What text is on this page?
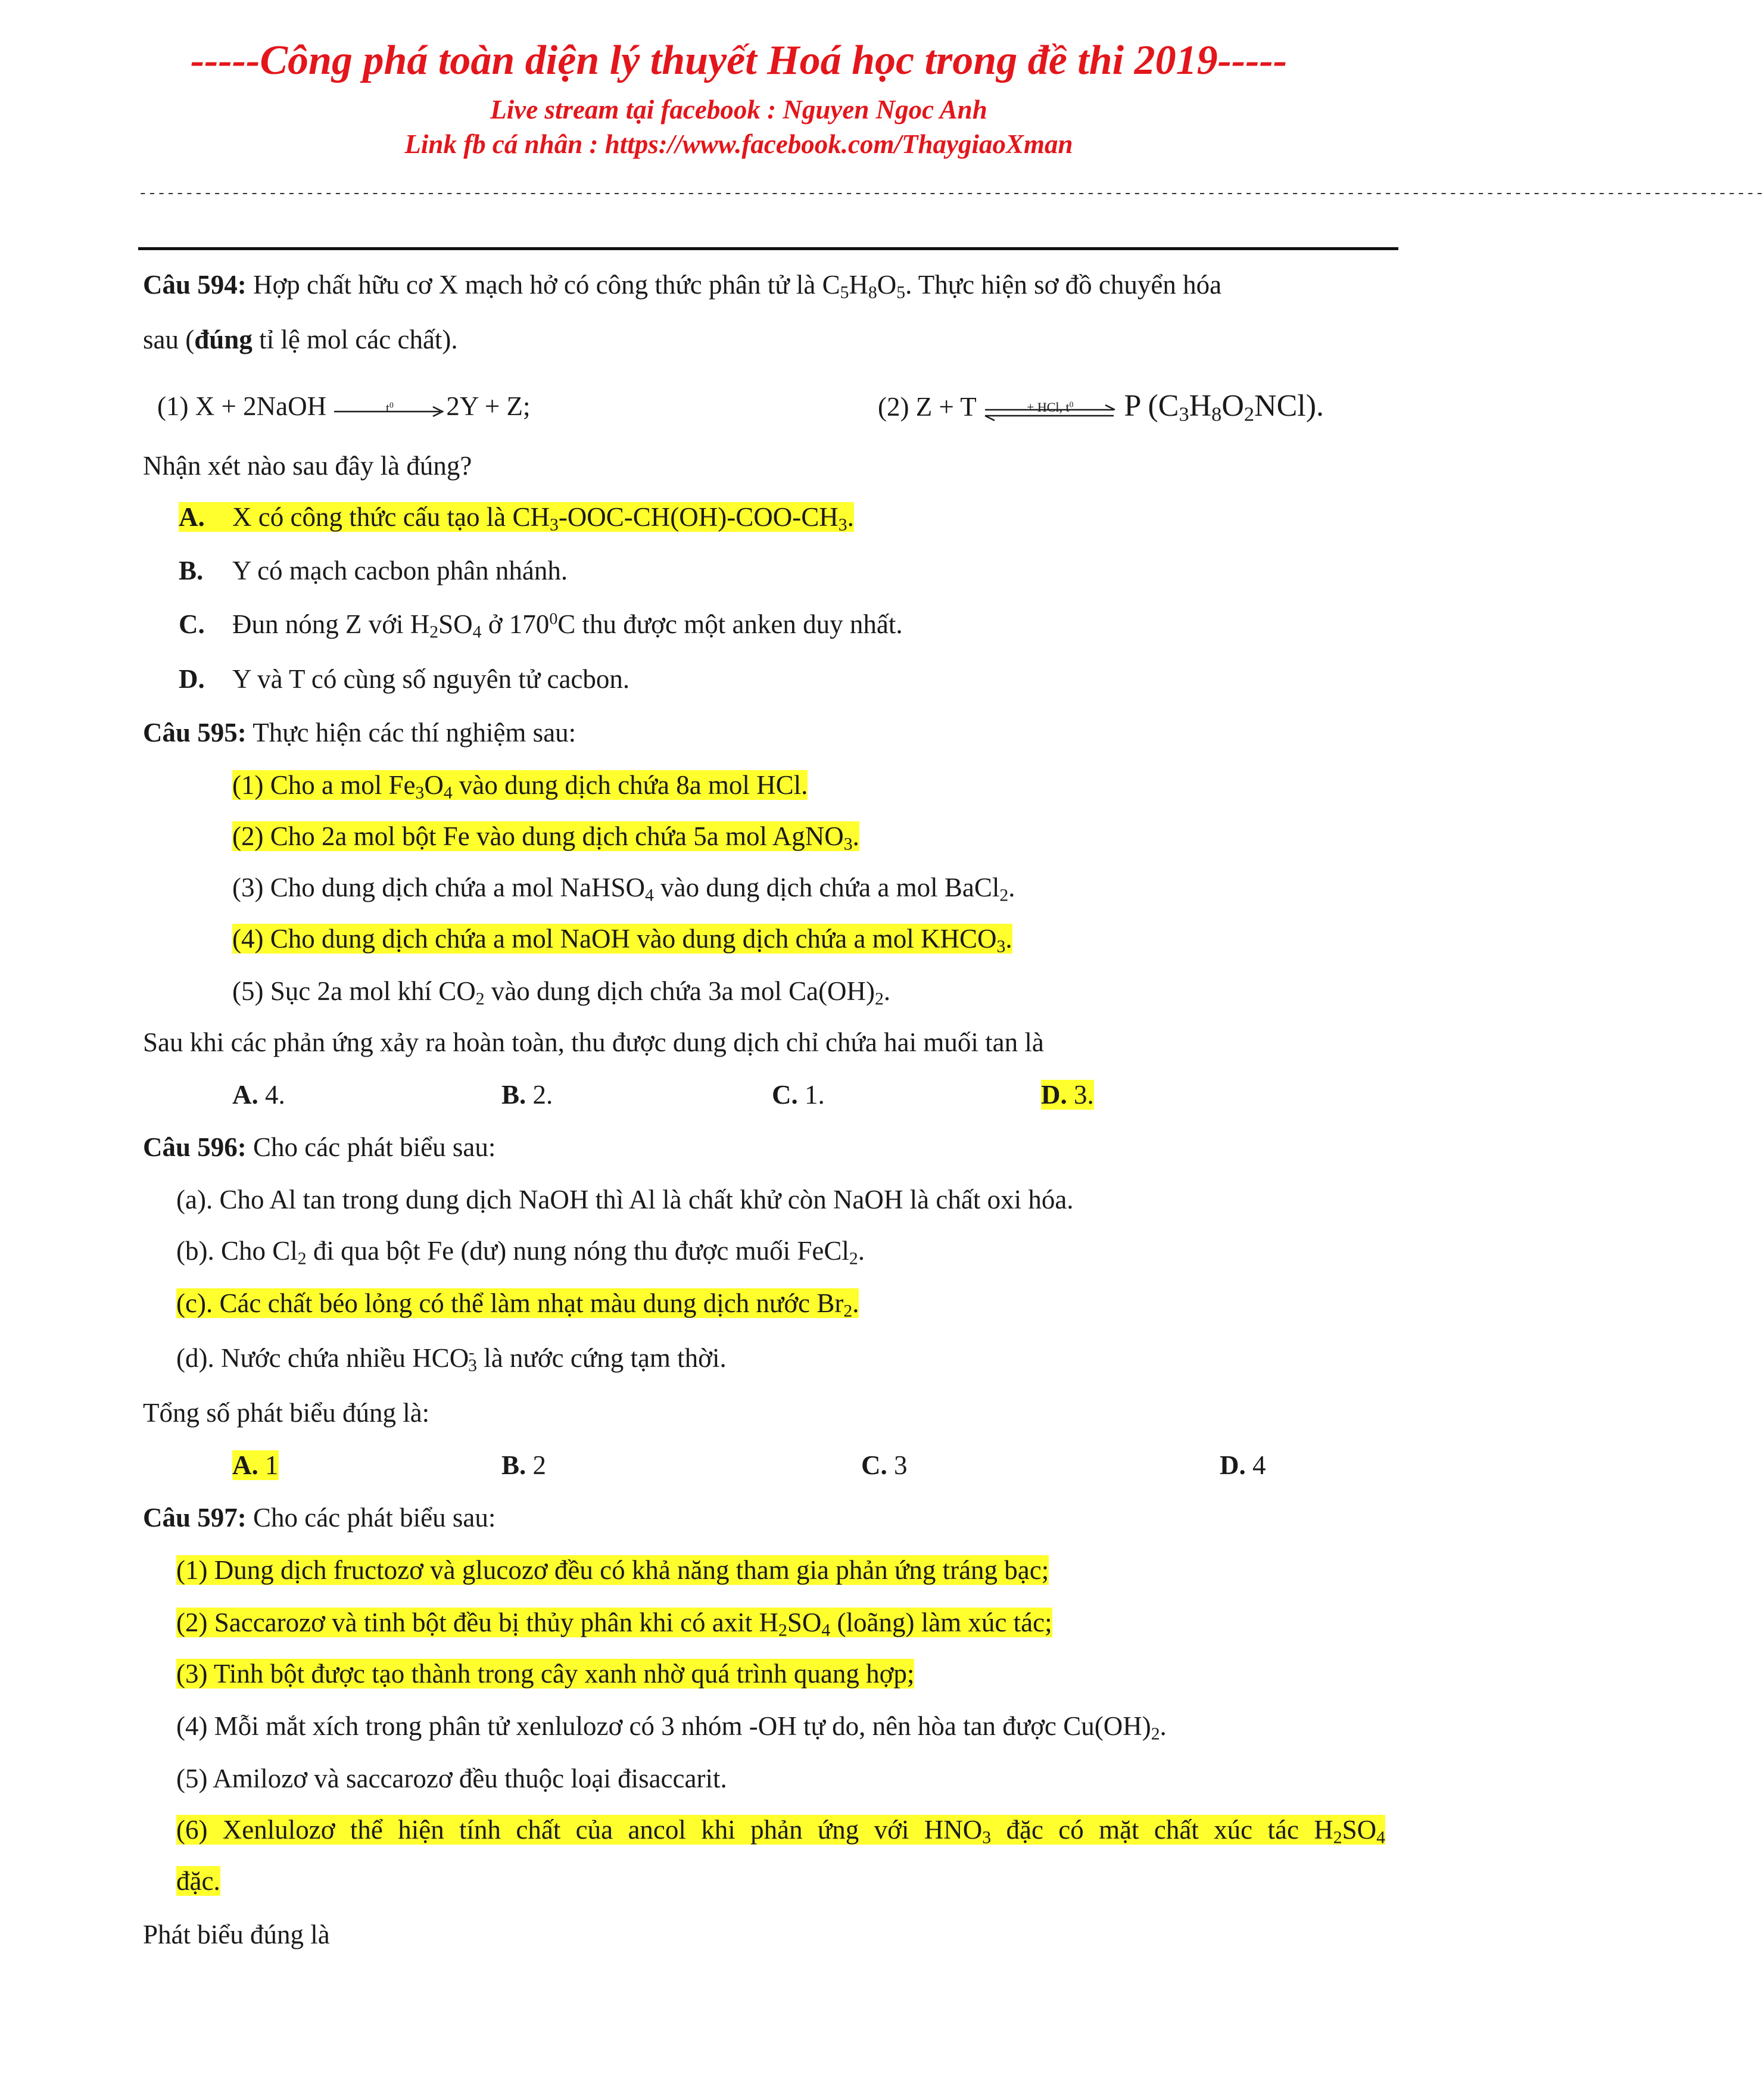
-----Công phá toàn diện lý thuyết Hoá học trong đề thi 2019-----
Live stream tại facebook : Nguyen Ngoc Anh
Link fb cá nhân : https://www.facebook.com/ThaygiaoXman
-------------------------------------------------------------------------------------------------------------------------------------------------------------------------------
Câu 594: Hợp chất hữu cơ X mạch hở có công thức phân tử là $C_5H_8O_5$. Thực hiện sơ đồ chuyển hóa
sau (đúng tỉ lệ mol các chất).
(1) X + 2NaOH	$t^0$	2Y + Z;	(2) Z + T	+ HCl, $t^0$	P $(C_3H_8O_2NCl)$.
Nhận xét nào sau đây là đúng?
A. X có công thức cấu tạo là $CH_3-OOC-CH(OH)-COO-CH_3$.
B. Y có mạch cacbon phân nhánh.
C. Đun nóng Z với $H_2SO_4$ ở $170^0C$ thu được một anken duy nhất.
D. Y và T có cùng số nguyên tử cacbon.
Câu 595: Thực hiện các thí nghiệm sau:
(1) Cho a mol $Fe_3O_4$ vào dung dịch chứa 8a mol HCl.
(2) Cho 2a mol bột Fe vào dung dịch chứa 5a mol AgNO$_3$.
(3) Cho dung dịch chứa a mol NaHSO$_4$ vào dung dịch chứa a mol BaCl$_2$.
(4) Cho dung dịch chứa a mol NaOH vào dung dịch chứa a mol $KHCO_3$.
(5) Sục 2a mol khí $CO_2$ vào dung dịch chứa 3a mol $Ca(OH)_2$.
Sau khi các phản ứng xảy ra hoàn toàn, thu được dung dịch chỉ chứa hai muối tan là
A. 4.	B. 2.	C. 1.	D. 3.
Câu 596: Cho các phát biểu sau:
(a). Cho Al tan trong dung dịch NaOH thì Al là chất khử còn NaOH là chất oxi hóa.
(b). Cho $Cl_2$ đi qua bột Fe (dư) nung nóng thu được muối FeCl$_2$.
(c). Các chất béo lỏng có thể làm nhạt màu dung dịch nước $Br_2$.
(d). Nước chứa nhiều $HCO^-_3$ là nước cứng tạm thời.
Tổng số phát biểu đúng là:
A. 1	B. 2	C. 3	D. 4
Câu 597: Cho các phát biểu sau:
(1) Dung dịch fructozơ và glucozơ đều có khả năng tham gia phản ứng tráng bạc;
(2) Saccarozơ và tinh bột đều bị thủy phân khi có axit $H_2SO_4$ (loãng) làm xúc tác;
(3) Tinh bột được tạo thành trong cây xanh nhờ quá trình quang hợp;
(4) Mỗi mắt xích trong phân tử xenlulozơ có 3 nhóm -OH tự do, nên hòa tan được $Cu(OH)_2$.
(5) Amilozơ và saccarozơ đều thuộc loại đisaccarit.
(6) Xenlulozơ thể hiện tính chất của ancol khi phản ứng với $HNO_3$ đặc có mặt chất xúc tác $H_2SO_4$
đặc.
Phát biểu đúng là
